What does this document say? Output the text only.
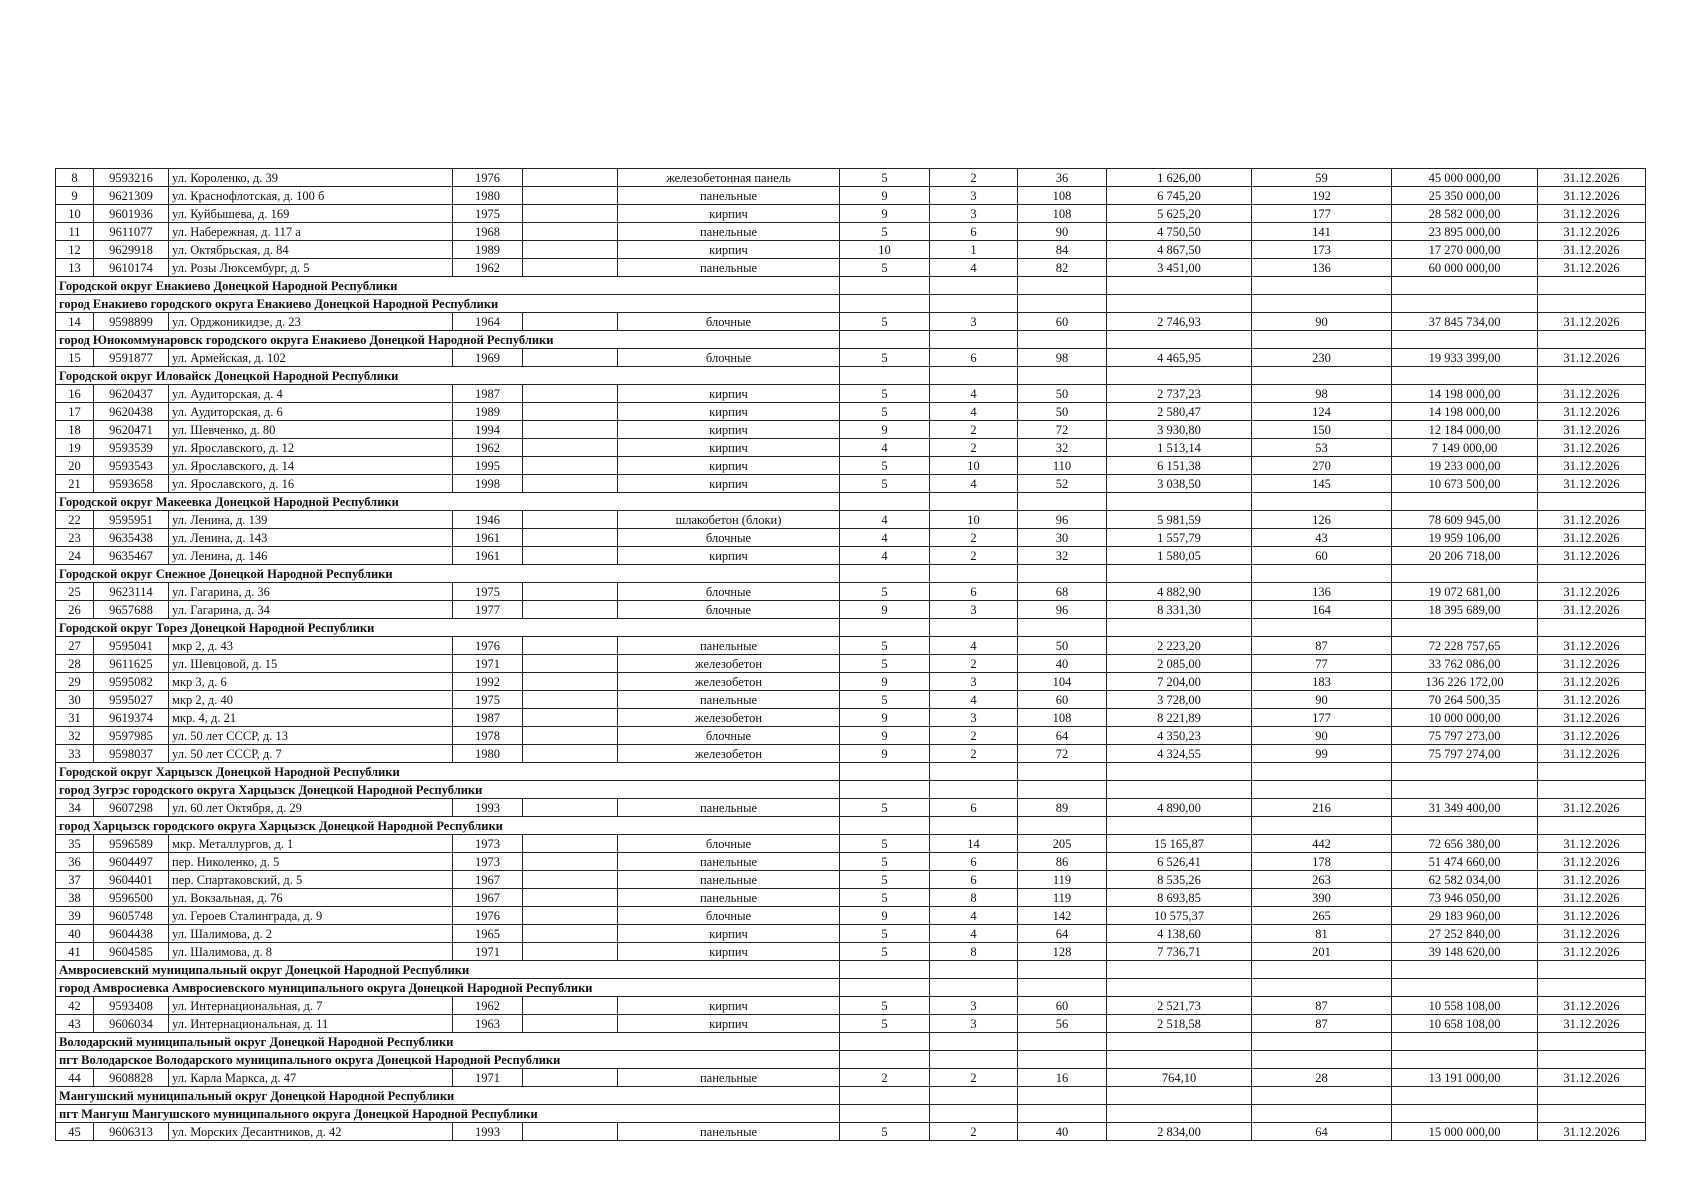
8	9593216	ул. Короленко, д. 39	1976		железобетонная панель	5	2	36	1 626,00	59	45 000 000,00	31.12.2026
9	9621309	ул. Краснофлотская, д. 100 б	1980		панельные	9	3	108	6 745,20	192	25 350 000,00	31.12.2026
10	9601936	ул. Куйбышева, д. 169	1975		кирпич	9	3	108	5 625,20	177	28 582 000,00	31.12.2026
11	9611077	ул. Набережная, д. 117 а	1968		панельные	5	6	90	4 750,50	141	23 895 000,00	31.12.2026
12	9629918	ул. Октябрьская, д. 84	1989		кирпич	10	1	84	4 867,50	173	17 270 000,00	31.12.2026
13	9610174	ул. Розы Люксембург, д. 5	1962		панельные	5	4	82	3 451,00	136	60 000 000,00	31.12.2026
Городской округ Енакиево Донецкой Народной Республики												
город Енакиево городского округа Енакиево Донецкой Народной Республики												
14	9598899	ул. Орджоникидзе, д. 23	1964		блочные	5	3	60	2 746,93	90	37 845 734,00	31.12.2026
город Юнокоммунаровск городского округа Енакиево Донецкой Народной Республики												
15	9591877	ул. Армейская, д. 102	1969		блочные	5	6	98	4 465,95	230	19 933 399,00	31.12.2026
Городской округ Иловайск Донецкой Народной Республики												
16	9620437	ул. Аудиторская, д. 4	1987		кирпич	5	4	50	2 737,23	98	14 198 000,00	31.12.2026
17	9620438	ул. Аудиторская, д. 6	1989		кирпич	5	4	50	2 580,47	124	14 198 000,00	31.12.2026
18	9620471	ул. Шевченко, д. 80	1994		кирпич	9	2	72	3 930,80	150	12 184 000,00	31.12.2026
19	9593539	ул. Ярославского, д. 12	1962		кирпич	4	2	32	1 513,14	53	7 149 000,00	31.12.2026
20	9593543	ул. Ярославского, д. 14	1995		кирпич	5	10	110	6 151,38	270	19 233 000,00	31.12.2026
21	9593658	ул. Ярославского, д. 16	1998		кирпич	5	4	52	3 038,50	145	10 673 500,00	31.12.2026
Городской округ Макеевка Донецкой Народной Республики												
22	9595951	ул. Ленина, д. 139	1946		шлакобетон (блоки)	4	10	96	5 981,59	126	78 609 945,00	31.12.2026
23	9635438	ул. Ленина, д. 143	1961		блочные	4	2	30	1 557,79	43	19 959 106,00	31.12.2026
24	9635467	ул. Ленина, д. 146	1961		кирпич	4	2	32	1 580,05	60	20 206 718,00	31.12.2026
Городской округ Снежное Донецкой Народной Республики												
25	9623114	ул. Гагарина, д. 36	1975		блочные	5	6	68	4 882,90	136	19 072 681,00	31.12.2026
26	9657688	ул. Гагарина, д. 34	1977		блочные	9	3	96	8 331,30	164	18 395 689,00	31.12.2026
Городской округ Торез Донецкой Народной Республики												
27	9595041	мкр 2, д. 43	1976		панельные	5	4	50	2 223,20	87	72 228 757,65	31.12.2026
28	9611625	ул. Шевцовой, д. 15	1971		железобетон	5	2	40	2 085,00	77	33 762 086,00	31.12.2026
29	9595082	мкр 3, д. 6	1992		железобетон	9	3	104	7 204,00	183	136 226 172,00	31.12.2026
30	9595027	мкр 2, д. 40	1975		панельные	5	4	60	3 728,00	90	70 264 500,35	31.12.2026
31	9619374	мкр. 4, д. 21	1987		железобетон	9	3	108	8 221,89	177	10 000 000,00	31.12.2026
32	9597985	ул. 50 лет СССР, д. 13	1978		блочные	9	2	64	4 350,23	90	75 797 273,00	31.12.2026
33	9598037	ул. 50 лет СССР, д. 7	1980		железобетон	9	2	72	4 324,55	99	75 797 274,00	31.12.2026
Городской округ Харцызск Донецкой Народной Республики												
город Зугрэс городского округа Харцызск Донецкой Народной Республики												
34	9607298	ул. 60 лет Октября, д. 29	1993		панельные	5	6	89	4 890,00	216	31 349 400,00	31.12.2026
город Харцызск городского округа Харцызск Донецкой Народной Республики												
35	9596589	мкр. Металлургов, д. 1	1973		блочные	5	14	205	15 165,87	442	72 656 380,00	31.12.2026
36	9604497	пер. Николенко, д. 5	1973		панельные	5	6	86	6 526,41	178	51 474 660,00	31.12.2026
37	9604401	пер. Спартаковский, д. 5	1967		панельные	5	6	119	8 535,26	263	62 582 034,00	31.12.2026
38	9596500	ул. Вокзальная, д. 76	1967		панельные	5	8	119	8 693,85	390	73 946 050,00	31.12.2026
39	9605748	ул. Героев Сталинграда, д. 9	1976		блочные	9	4	142	10 575,37	265	29 183 960,00	31.12.2026
40	9604438	ул. Шалимова, д. 2	1965		кирпич	5	4	64	4 138,60	81	27 252 840,00	31.12.2026
41	9604585	ул. Шалимова, д. 8	1971		кирпич	5	8	128	7 736,71	201	39 148 620,00	31.12.2026
Амвросиевский муниципальный округ Донецкой Народной Республики												
город Амвросиевка Амвросиевского муниципального округа Донецкой Народной Республики												
42	9593408	ул. Интернациональная, д. 7	1962		кирпич	5	3	60	2 521,73	87	10 558 108,00	31.12.2026
43	9606034	ул. Интернациональная, д. 11	1963		кирпич	5	3	56	2 518,58	87	10 658 108,00	31.12.2026
Володарский муниципальный округ Донецкой Народной Республики												
пгт Володарское Володарского муниципального округа Донецкой Народной Республики												
44	9608828	ул. Карла Маркса, д. 47	1971		панельные	2	2	16	764,10	28	13 191 000,00	31.12.2026
Мангушский муниципальный округ Донецкой Народной Республики												
пгт Мангуш Мангушского муниципального округа Донецкой Народной Республики												
45	9606313	ул. Морских Десантников, д. 42	1993		панельные	5	2	40	2 834,00	64	15 000 000,00	31.12.2026
